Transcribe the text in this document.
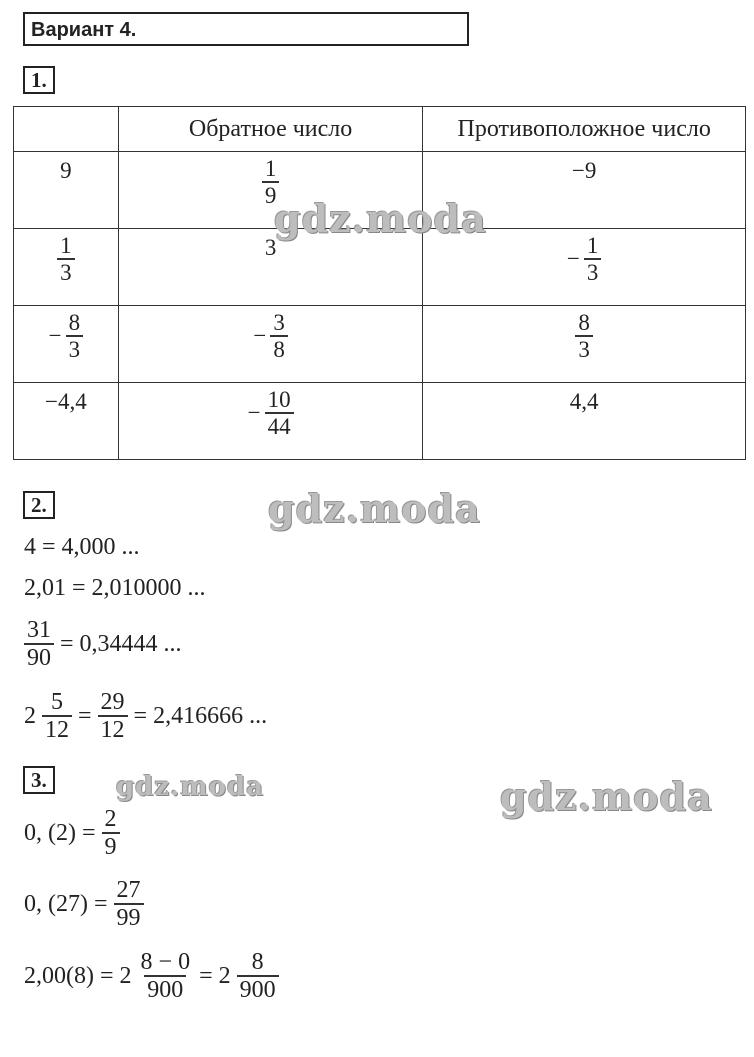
Вариант 4.
1.
	Обратное число	Противоположное число
9	$\frac{1}{9}$	−9

$\frac{1}{3}$	3	− $\frac{1}{3}$

− $\frac{8}{3}$	− $\frac{3}{8}$	$\frac{8}{3}$

−4,4	− $\frac{10}{44}$	4,4
2.
4 = 4,000 ...
2,01 = 2,010000 ...
$\frac{31}{90} = 0,34444$ ...
$2 \frac{5}{12} = \frac{29}{12} = 2,416666$ ...
3.
0, $(2) = \frac{2}{9}$
0, $(27) = \frac{27}{99}$
$2,00(8) = 2 \frac{8 - 0}{900} = 2 \frac{8}{900}$
gdz.moda
gdz.moda
gdz.moda	gdz.moda
